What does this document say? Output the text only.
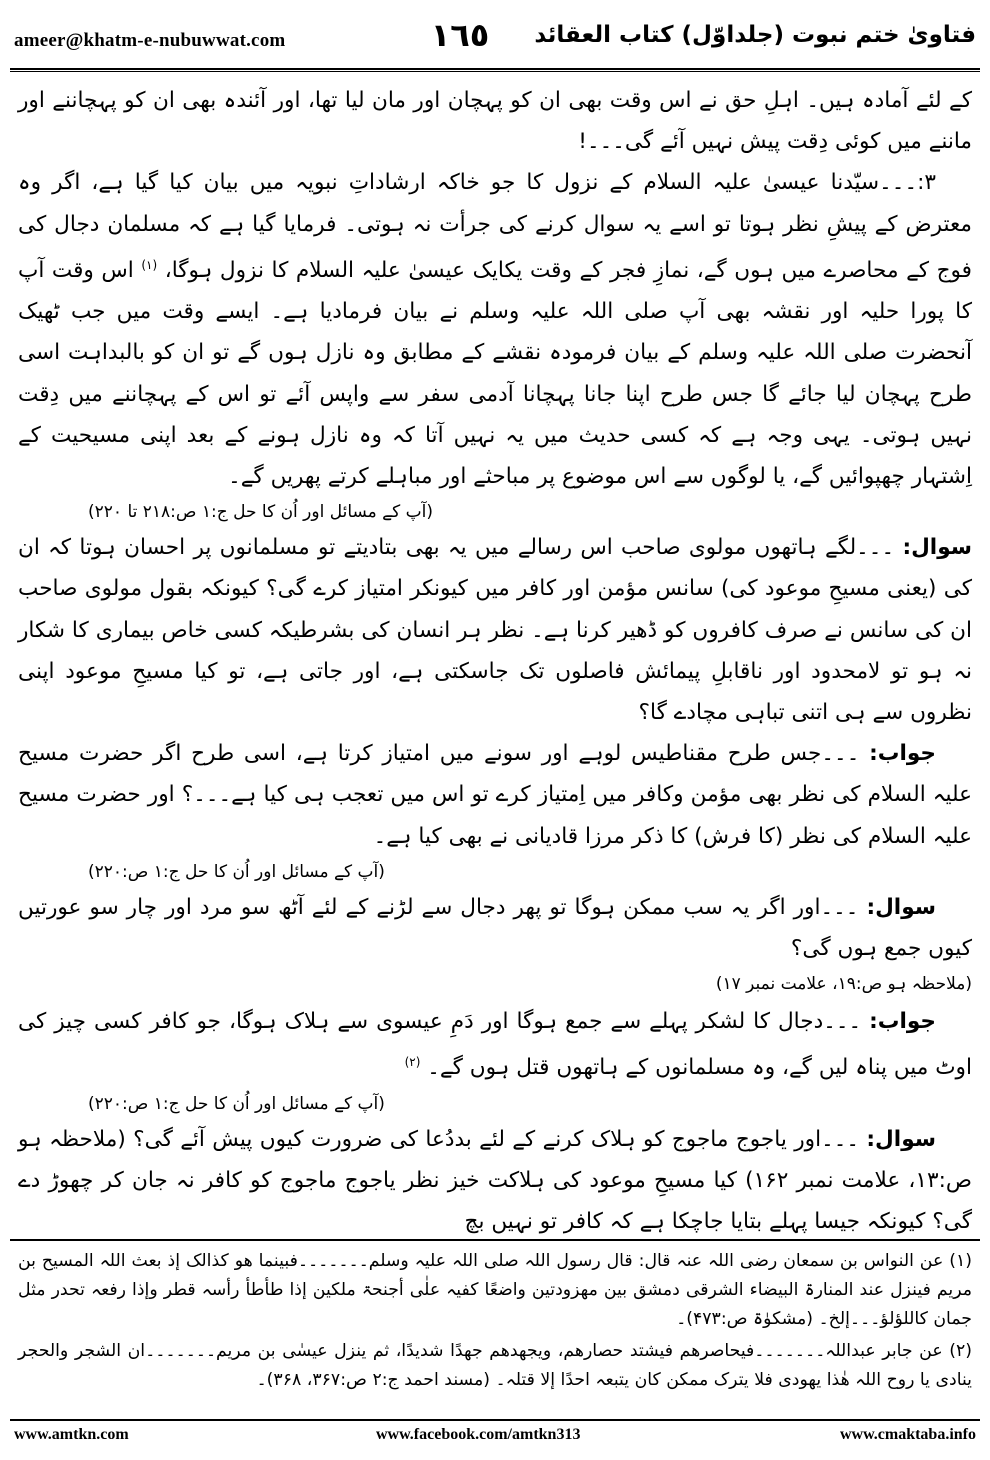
ameer@khatm-e-nubuwwat.com	١٦٥	فتاویٰ ختم نبوت (جلداوّل) کتاب العقائد

کے لئے آمادہ ہیں۔ اہلِ حق نے اس وقت بھی ان کو پہچان اور مان لیا تھا، اور آئندہ بھی ان کو پہچاننے اور ماننے میں کوئی دِقت پیش نہیں آئے گی۔۔۔!

۳:۔۔۔سیّدنا عیسیٰ علیہ السلام کے نزول کا جو خاکہ ارشاداتِ نبویہ میں بیان کیا گیا ہے، اگر وہ معترض کے پیشِ نظر ہوتا تو اسے یہ سوال کرنے کی جرأت نہ ہوتی۔ فرمایا گیا ہے کہ مسلمان دجال کی فوج کے محاصرے میں ہوں گے، نمازِ فجر کے وقت یکایک عیسیٰ علیہ السلام کا نزول ہوگا، $^{(۱)}$ اس وقت آپ کا پورا حلیہ اور نقشہ بھی آپ صلی اللہ علیہ وسلم نے بیان فرمادیا ہے۔ ایسے وقت میں جب ٹھیک آنحضرت صلی اللہ علیہ وسلم کے بیان فرمودہ نقشے کے مطابق وہ نازل ہوں گے تو ان کو بالبداہت اسی طرح پہچان لیا جائے گا جس طرح اپنا جانا پہچانا آدمی سفر سے واپس آئے تو اس کے پہچاننے میں دِقت نہیں ہوتی۔ یہی وجہ ہے کہ کسی حدیث میں یہ نہیں آتا کہ وہ نازل ہونے کے بعد اپنی مسیحیت کے اِشتہار چھپوائیں گے، یا لوگوں سے اس موضوع پر مباحثے اور مباہلے کرتے پھریں گے۔

(آپ کے مسائل اور اُن کا حل ج:۱ ص:۲۱۸ تا ۲۲۰)

سوال: ۔۔۔لگے ہاتھوں مولوی صاحب اس رسالے میں یہ بھی بتادیتے تو مسلمانوں پر احسان ہوتا کہ ان کی (یعنی مسیحِ موعود کی) سانس مؤمن اور کافر میں کیونکر امتیاز کرے گی؟ کیونکہ بقول مولوی صاحب ان کی سانس نے صرف کافروں کو ڈھیر کرنا ہے۔ نظر ہر انسان کی بشرطیکہ کسی خاص بیماری کا شکار نہ ہو تو لامحدود اور ناقابلِ پیمائش فاصلوں تک جاسکتی ہے، اور جاتی ہے، تو کیا مسیحِ موعود اپنی نظروں سے ہی اتنی تباہی مچادے گا؟

جواب: ۔۔۔جس طرح مقناطیس لوہے اور سونے میں امتیاز کرتا ہے، اسی طرح اگر حضرت مسیح علیہ السلام کی نظر بھی مؤمن وکافر میں اِمتیاز کرے تو اس میں تعجب ہی کیا ہے۔۔۔؟ اور حضرت مسیح علیہ السلام کی نظر (کا فرش) کا ذکر مرزا قادیانی نے بھی کیا ہے۔

(آپ کے مسائل اور اُن کا حل ج:۱ ص:۲۲۰)

سوال: ۔۔۔اور اگر یہ سب ممکن ہوگا تو پھر دجال سے لڑنے کے لئے آٹھ سو مرد اور چار سو عورتیں کیوں جمع ہوں گی؟

(ملاحظہ ہو ص:۱۹، علامت نمبر ۱۷)

جواب: ۔۔۔دجال کا لشکر پہلے سے جمع ہوگا اور دَمِ عیسوی سے ہلاک ہوگا، جو کافر کسی چیز کی اوٹ میں پناہ لیں گے، وہ مسلمانوں کے ہاتھوں قتل ہوں گے۔ $^{(۲)}$

(آپ کے مسائل اور اُن کا حل ج:۱ ص:۲۲۰)

سوال: ۔۔۔اور یاجوج ماجوج کو ہلاک کرنے کے لئے بددُعا کی ضرورت کیوں پیش آئے گی؟ (ملاحظہ ہو ص:۱۳، علامت نمبر ۱۶۲) کیا مسیحِ موعود کی ہلاکت خیز نظر یاجوج ماجوج کو کافر نہ جان کر چھوڑ دے گی؟ کیونکہ جیسا پہلے بتایا جاچکا ہے کہ کافر تو نہیں بچ

(۱) عن النواس بن سمعان رضی اللہ عنہ قال: قال رسول اللہ صلی اللہ علیہ وسلم۔۔۔۔۔۔۔فبینما ھو کذالک إذ بعث اللہ المسیح بن مریم فینزل عند المنارۃ البیضاء الشرقی دمشق بین مھزودتین واضعًا کفیہ علٰی أجنحۃ ملکین إذا طأطأ رأسہ قطر وإذا رفعہ تحدر مثل جمان کاللؤلؤ۔۔۔إلخ۔ (مشکوٰۃ ص:۴۷۳)۔

(۲) عن جابر عبداللہ۔۔۔۔۔۔۔فیحاصرھم فیشتد حصارھم، ویجھدھم جھدًا شدیدًا، ثم ینزل عیسٰی بن مریم۔۔۔۔۔۔۔ان الشجر والحجر ینادی یا روح اللہ ھٰذا یھودی فلا یترک ممکن کان یتبعہ احدًا إلا قتلہ۔ (مسند احمد ج:۲ ص:۳۶۷، ۳۶۸)۔

www.amtkn.com	www.facebook.com/amtkn313	www.cmaktaba.info
